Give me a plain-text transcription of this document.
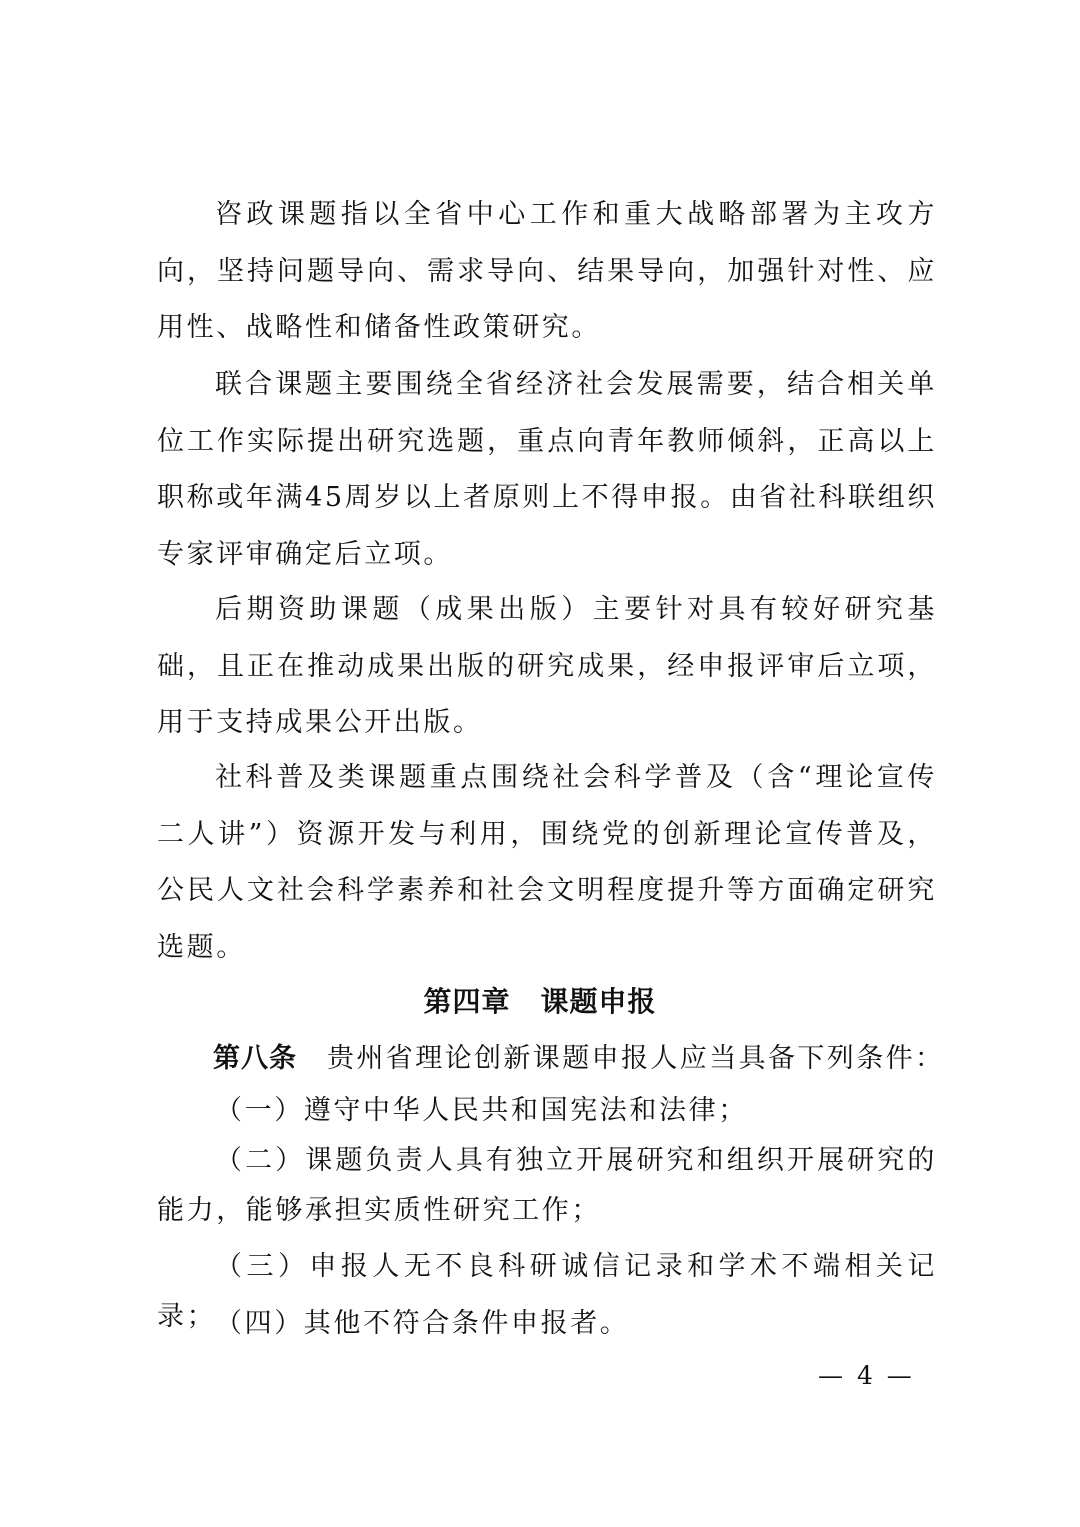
咨政课题指以全省中心工作和重大战略部署为主攻方向，坚持问题导向、需求导向、结果导向，加强针对性、应用性、战略性和储备性政策研究。

联合课题主要围绕全省经济社会发展需要，结合相关单位工作实际提出研究选题，重点向青年教师倾斜，正高以上职称或年满45周岁以上者原则上不得申报。由省社科联组织专家评审确定后立项。

后期资助课题（成果出版）主要针对具有较好研究基础，且正在推动成果出版的研究成果，经申报评审后立项，用于支持成果公开出版。

社科普及类课题重点围绕社会科学普及（含“理论宣传二人讲”）资源开发与利用，围绕党的创新理论宣传普及，公民人文社会科学素养和社会文明程度提升等方面确定研究选题。

第四章 课题申报

第八条 贵州省理论创新课题申报人应当具备下列条件：

（一）遵守中华人民共和国宪法和法律；

（二）课题负责人具有独立开展研究和组织开展研究的能力，能够承担实质性研究工作；

（三）申报人无不良科研诚信记录和学术不端相关记录；

（四）其他不符合条件申报者。

— 4 —
